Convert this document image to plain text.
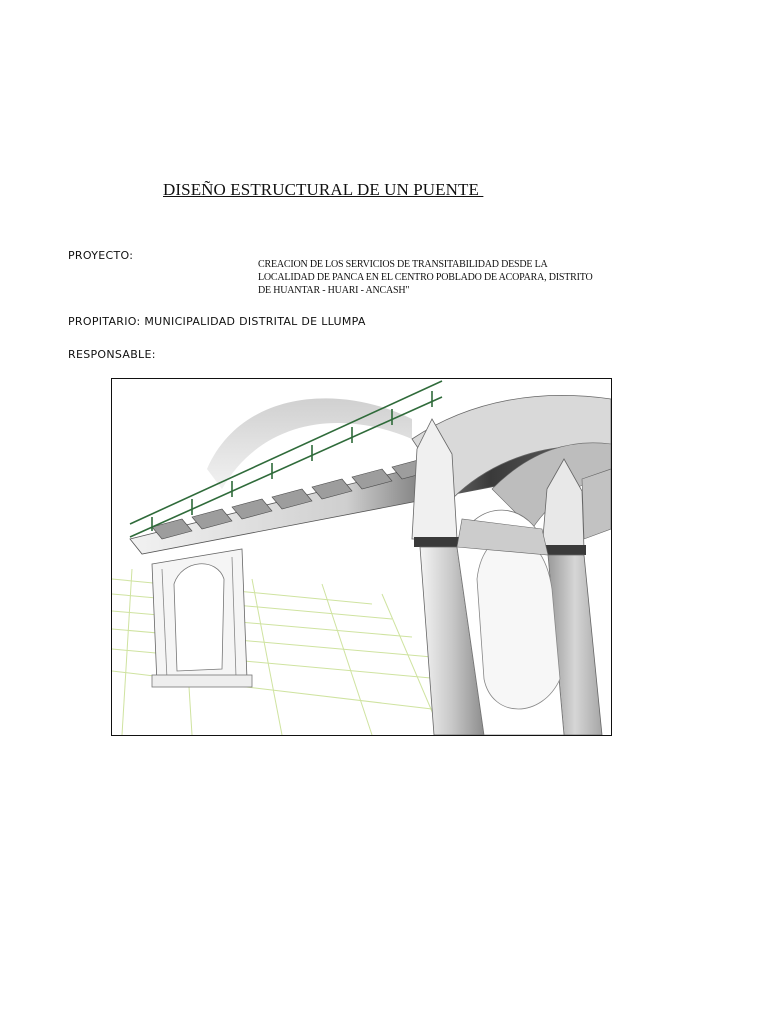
DISEÑO ESTRUCTURAL DE UN PUENTE
PROYECTO:
CREACION DE LOS SERVICIOS DE TRANSITABILIDAD DESDE LA
LOCALIDAD DE PANCA EN EL CENTRO POBLADO DE ACOPARA, DISTRITO
DE HUANTAR - HUARI - ANCASH"
PROPITARIO: MUNICIPALIDAD DISTRITAL DE LLUMPA
RESPONSABLE:
